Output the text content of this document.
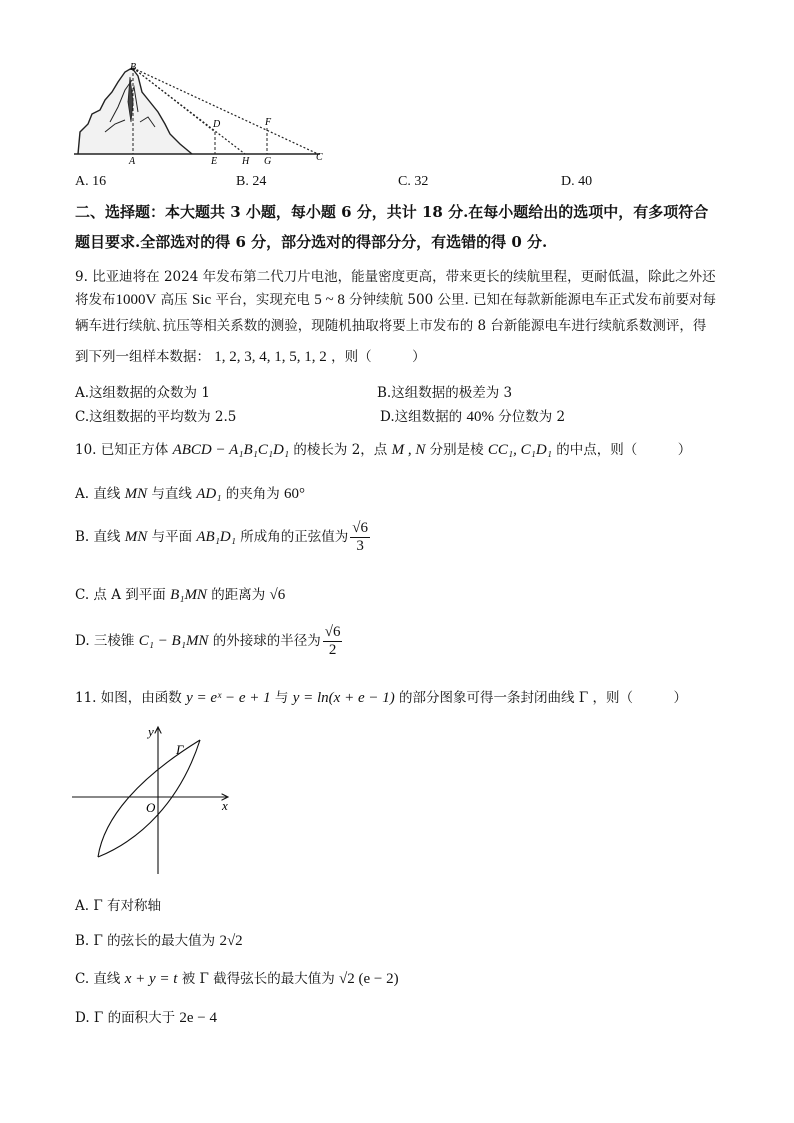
B
D	F
A	E H G	C
A. 16	B. 24	C. 32	D. 40
二、选择题：本大题共 3 小题，每小题 6 分，共计 18 分.在每小题给出的选项中，有多项符合
题目要求.全部选对的得 6 分，部分选对的得部分分，有选错的得 0 分.
9. 比亚迪将在 2024 年发布第二代刀片电池，能量密度更高，带来更长的续航里程，更耐低温，除此之外还
将发布1000V 高压 Sic 平台，实现充电 5 ~ 8 分钟续航 500 公里. 已知在每款新能源电车正式发布前要对每
辆车进行续航､抗压等相关系数的测验，现随机抽取将要上市发布的 8 台新能源电车进行续航系数测评，得
到下列一组样本数据： 1, 2, 3, 4, 1, 5, 1, 2 ，则（　　　）
A.这组数据的众数为 1	B.这组数据的极差为 3
C.这组数据的平均数为 2.5	D.这组数据的 40% 分位数为 2
10. 已知正方体 ABCD − A₁B₁C₁D₁ 的棱长为 2，点 M , N 分别是棱 CC₁, C₁D₁ 的中点，则（　　　）
A. 直线 MN 与直线 AD₁ 的夹角为 60°
B. 直线 MN 与平面 AB₁D₁ 所成角的正弦值为 $\frac{√6}{3}$
C. 点 A 到平面 B₁MN 的距离为 √6
D. 三棱锥 C₁ − B₁MN 的外接球的半径为 $\frac{√6}{2}$
11. 如图，由函数 y = eˣ − e + 1 与 y = ln(x + e − 1) 的部分图象可得一条封闭曲线 Γ ，则（　　　）
y
x
O
Γ
A. Γ 有对称轴
B. Γ 的弦长的最大值为 2√2
C. 直线 x + y = t 被 Γ 截得弦长的最大值为 √2 (e − 2)
D. Γ 的面积大于 2e − 4
